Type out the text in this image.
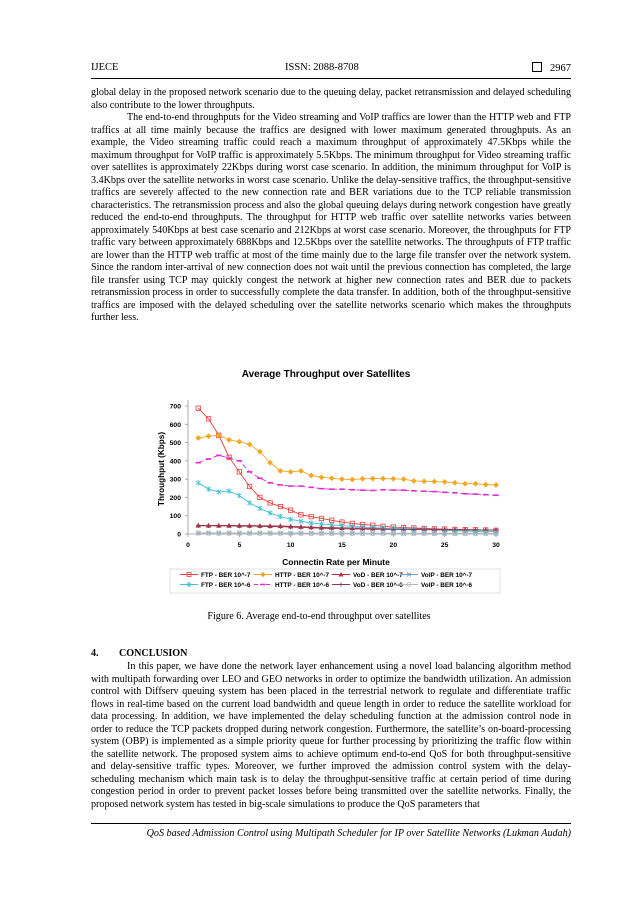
IJECE	ISSN: 2088-8708	2967
global delay in the proposed network scenario due to the queuing delay, packet retransmission and delayed scheduling also contribute to the lower throughputs.
The end-to-end throughputs for the Video streaming and VoIP traffics are lower than the HTTP web and FTP traffics at all time mainly because the traffics are designed with lower maximum generated throughputs. As an example, the Video streaming traffic could reach a maximum throughput of approximately 47.5Kbps while the maximum throughput for VoIP traffic is approximately 5.5Kbps. The minimum throughput for Video streaming traffic over satellites is approximately 22Kbps during worst case scenario. In addition, the minimum throughput for VoIP is 3.4Kbps over the satellite networks in worst case scenario. Unlike the delay-sensitive traffics, the throughput-sensitive traffics are severely affected to the new connection rate and BER variations due to the TCP reliable transmission characteristics. The retransmission process and also the global queuing delays during network congestion have greatly reduced the end-to-end throughputs. The throughput for HTTP web traffic over satellite networks varies between approximately 540Kbps at best case scenario and 212Kbps at worst case scenario. Moreover, the throughputs for FTP traffic vary between approximately 688Kbps and 12.5Kbps over the satellite networks. The throughputs of FTP traffic are lower than the HTTP web traffic at most of the time mainly due to the large file transfer over the network system. Since the random inter-arrival of new connection does not wait until the previous connection has completed, the large file transfer using TCP may quickly congest the network at higher new connection rates and BER due to packets retransmission process in order to successfully complete the data transfer. In addition, both of the throughput-sensitive traffics are imposed with the delayed scheduling over the satellite networks scenario which makes the throughputs further less.
Average Throughput over Satellites
Throughput (Kbps)
Connectin Rate per Minute
0
100
200
300
400
500
600
700
0	5	10	15	20	25	30
FTP - BER 10^-7	HTTP - BER 10^-7	VoD - BER 10^-7	VoIP - BER 10^-7
FTP - BER 10^-6	HTTP - BER 10^-6	VoD - BER 10^-6	VoIP - BER 10^-6
Figure 6. Average end-to-end throughput over satellites
4. CONCLUSION
In this paper, we have done the network layer enhancement using a novel load balancing algorithm method with multipath forwarding over LEO and GEO networks in order to optimize the bandwidth utilization. An admission control with Diffserv queuing system has been placed in the terrestrial network to regulate and differentiate traffic flows in real-time based on the current load bandwidth and queue length in order to reduce the satellite workload for data processing. In addition, we have implemented the delay scheduling function at the admission control node in order to reduce the TCP packets dropped during network congestion. Furthermore, the satellite’s on-board-processing system (OBP) is implemented as a simple priority queue for further processing by prioritizing the traffic flow within the satellite network. The proposed system aims to achieve optimum end-to-end QoS for both throughput-sensitive and delay-sensitive traffic types. Moreover, we further improved the admission control system with the delay-scheduling mechanism which main task is to delay the throughput-sensitive traffic at certain period of time during congestion period in order to prevent packet losses before being transmitted over the satellite networks. Finally, the proposed network system has tested in big-scale simulations to produce the QoS parameters that
QoS based Admission Control using Multipath Scheduler for IP over Satellite Networks (Lukman Audah)
